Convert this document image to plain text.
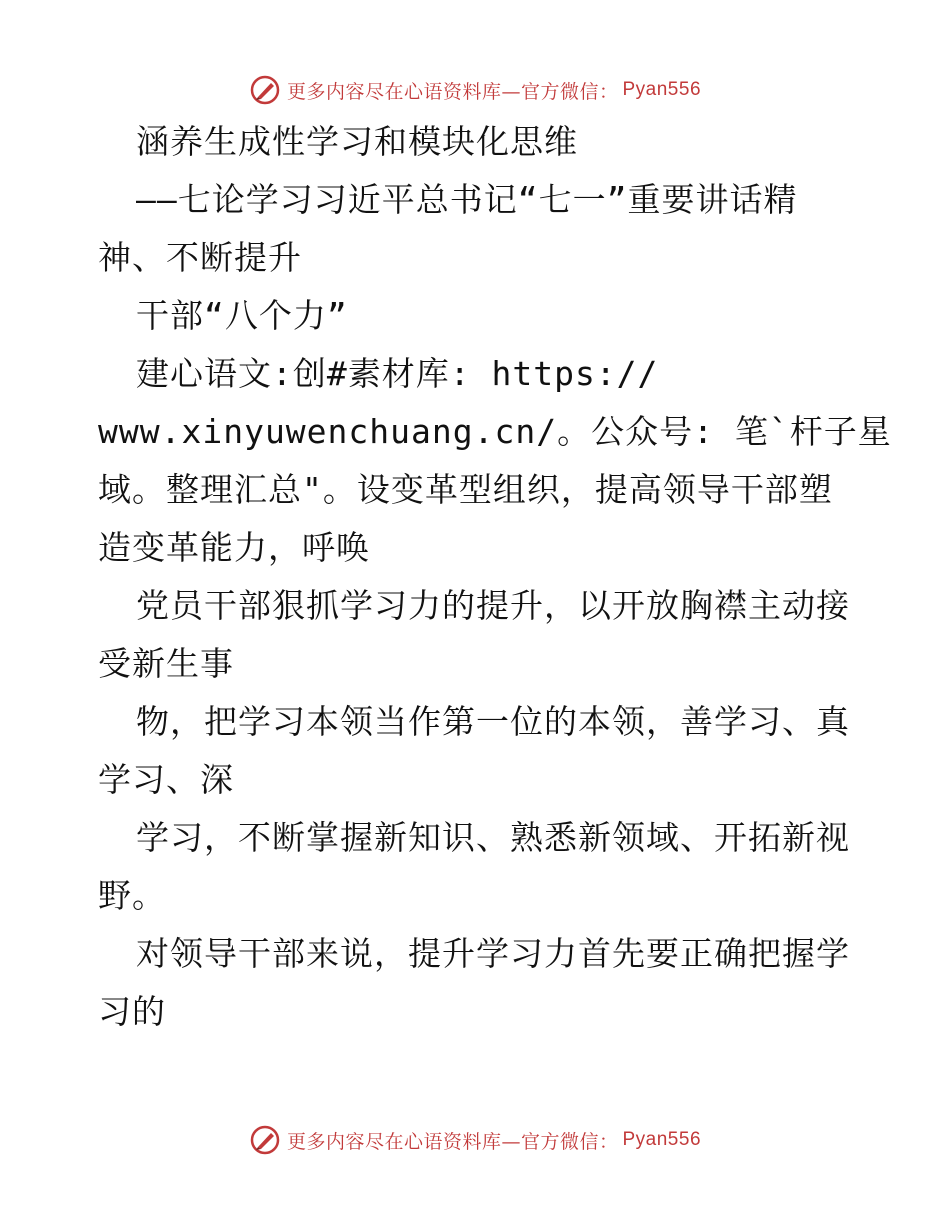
更多内容尽在心语资料库—官方微信： Pyan556
涵养生成性学习和模块化思维
——七论学习习近平总书记“七一”重要讲话精
神、不断提升
干部“八个力”
建心语文:创#素材库: https://
www.xinyuwenchuang.cn/。公众号: 笔`杆子星
域。整理汇总"。设变革型组织，提高领导干部塑
造变革能力，呼唤
党员干部狠抓学习力的提升，以开放胸襟主动接
受新生事
物，把学习本领当作第一位的本领，善学习、真
学习、深
学习，不断掌握新知识、熟悉新领域、开拓新视
野。
对领导干部来说，提升学习力首先要正确把握学
习的
更多内容尽在心语资料库—官方微信： Pyan556
